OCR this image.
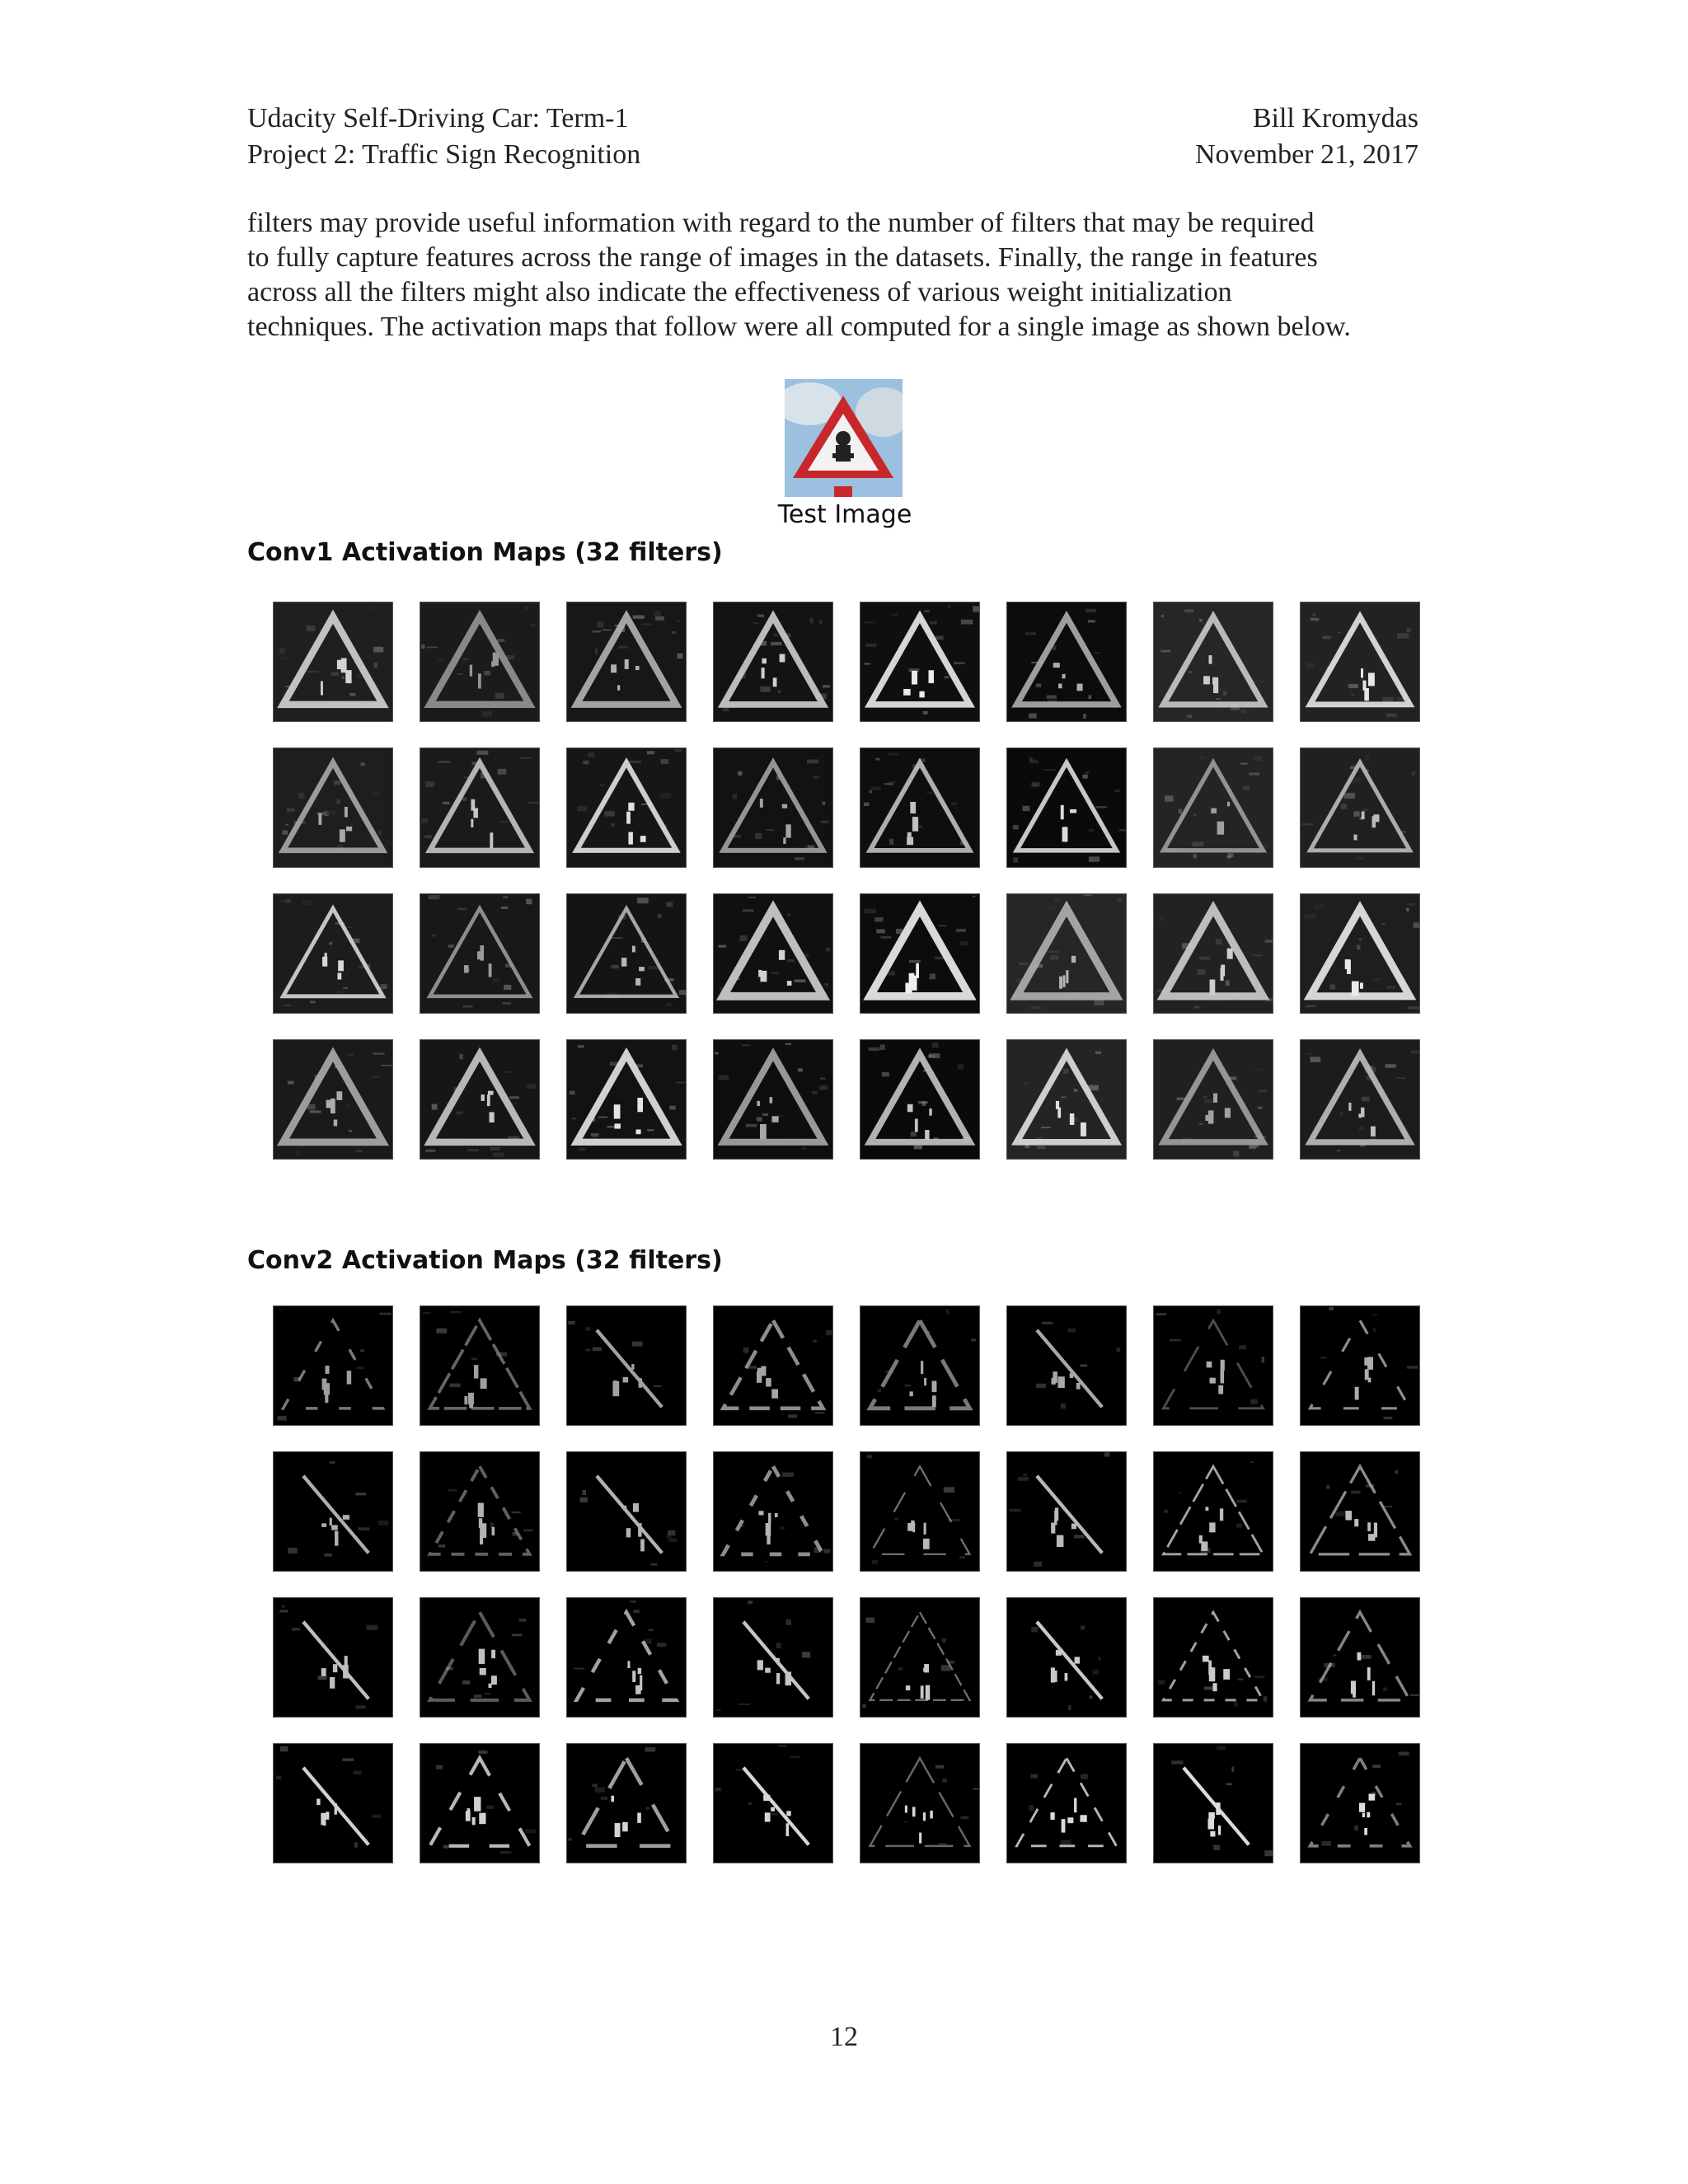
Udacity Self-Driving Car: Term-1
Project 2: Traffic Sign Recognition
Bill Kromydas
November 21, 2017
filters may provide useful information with regard to the number of filters that may be required
to fully capture features across the range of images in the datasets. Finally, the range in features
across all the filters might also indicate the effectiveness of various weight initialization
techniques. The activation maps that follow were all computed for a single image as shown below.
Test Image
Conv1 Activation Maps (32 filters)
Conv2 Activation Maps (32 filters)
12
